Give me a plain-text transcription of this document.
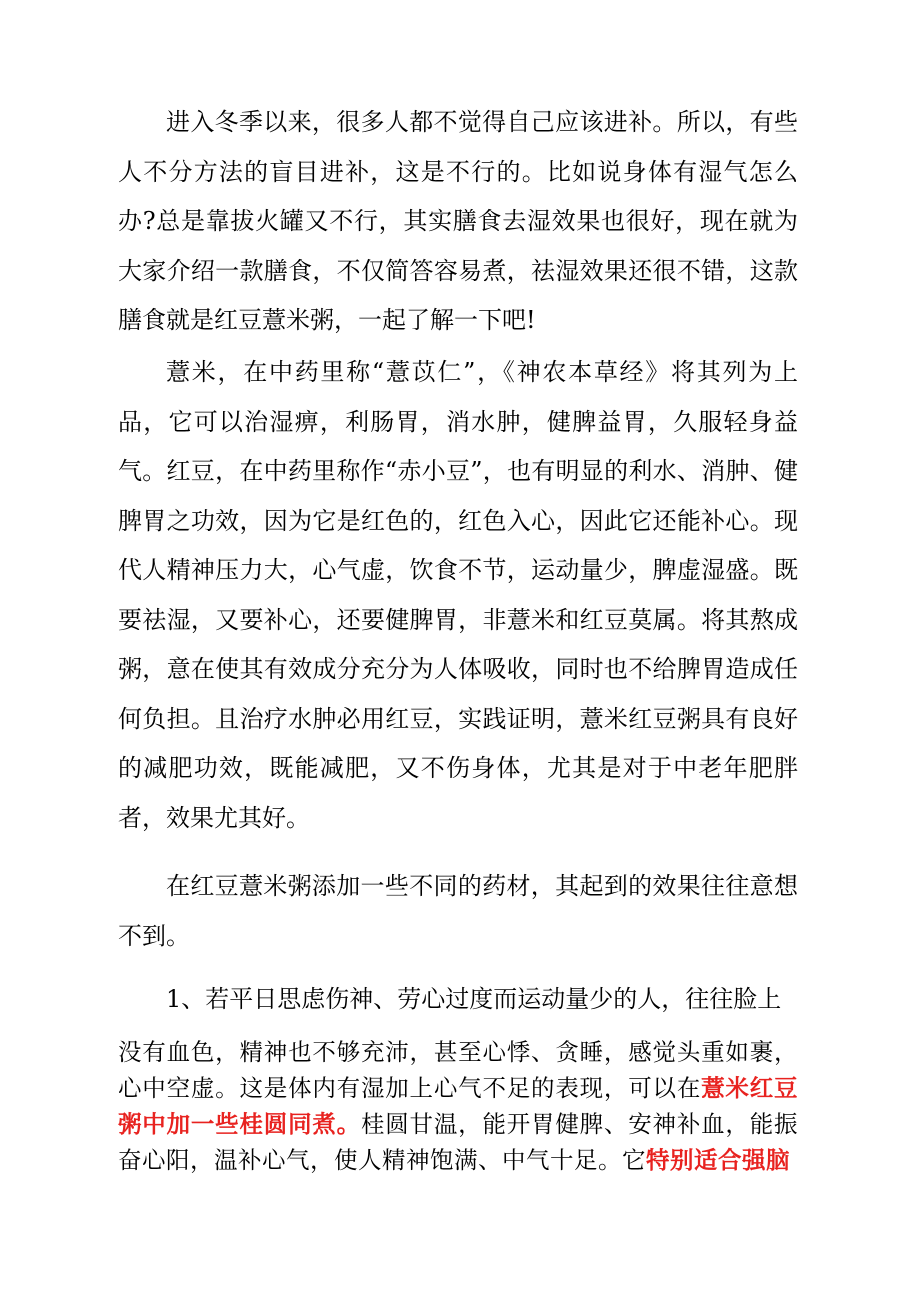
进入冬季以来，很多人都不觉得自己应该进补。所以，有些人不分方法的盲目进补，这是不行的。比如说身体有湿气怎么办?总是靠拔火罐又不行，其实膳食去湿效果也很好，现在就为大家介绍一款膳食，不仅简答容易煮，祛湿效果还很不错，这款膳食就是红豆薏米粥，一起了解一下吧!

薏米，在中药里称“薏苡仁”，《神农本草经》将其列为上品，它可以治湿痹，利肠胃，消水肿，健脾益胃，久服轻身益气。红豆，在中药里称作“赤小豆”，也有明显的利水、消肿、健脾胃之功效，因为它是红色的，红色入心，因此它还能补心。现代人精神压力大，心气虚，饮食不节，运动量少，脾虚湿盛。既要祛湿，又要补心，还要健脾胃，非薏米和红豆莫属。将其熬成粥，意在使其有效成分充分为人体吸收，同时也不给脾胃造成任何负担。且治疗水肿必用红豆，实践证明，薏米红豆粥具有良好的减肥功效，既能减肥，又不伤身体，尤其是对于中老年肥胖者，效果尤其好。

在红豆薏米粥添加一些不同的药材，其起到的效果往往意想不到。

1、若平日思虑伤神、劳心过度而运动量少的人，往往脸上

没有血色，精神也不够充沛，甚至心悸、贪睡，感觉头重如裹，心中空虚。这是体内有湿加上心气不足的表现，可以在薏米红豆粥中加一些桂圆同煮。桂圆甘温，能开胃健脾、安神补血，能振奋心阳，温补心气，使人精神饱满、中气十足。它特别适合强脑
